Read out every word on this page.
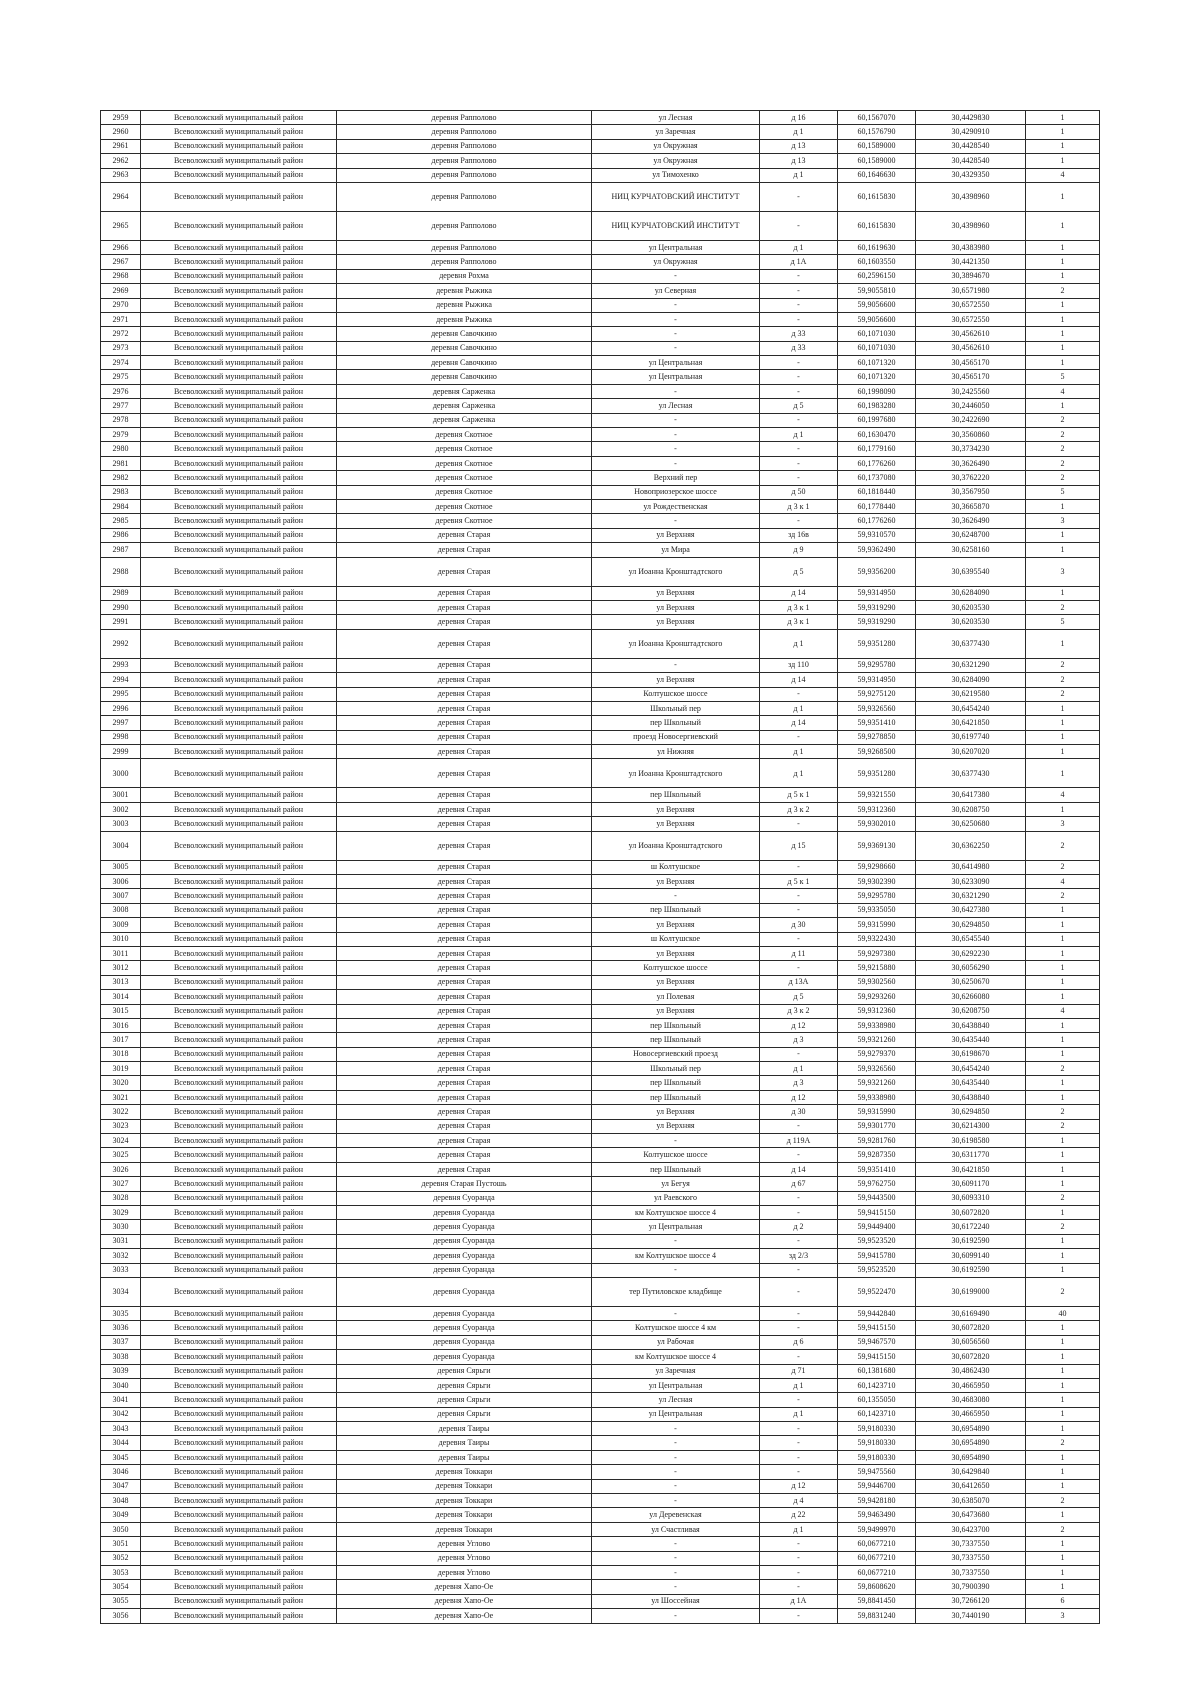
2959	Всеволожский муниципальный район	деревня Рапполово	ул Лесная	д 16	60,1567070	30,4429830	1
2960	Всеволожский муниципальный район	деревня Рапполово	ул Заречная	д 1	60,1576790	30,4290910	1
2961	Всеволожский муниципальный район	деревня Рапполово	ул Окружная	д 13	60,1589000	30,4428540	1
2962	Всеволожский муниципальный район	деревня Рапполово	ул Окружная	д 13	60,1589000	30,4428540	1
2963	Всеволожский муниципальный район	деревня Рапполово	ул Тимохенко	д 1	60,1646630	30,4329350	4
2964	Всеволожский муниципальный район	деревня Рапполово	НИЦ КУРЧАТОВСКИЙ ИНСТИТУТ	-	60,1615830	30,4398960	1
2965	Всеволожский муниципальный район	деревня Рапполово	НИЦ КУРЧАТОВСКИЙ ИНСТИТУТ	-	60,1615830	30,4398960	1
2966	Всеволожский муниципальный район	деревня Рапполово	ул Центральная	д 1	60,1619630	30,4383980	1
2967	Всеволожский муниципальный район	деревня Рапполово	ул Окружная	д 1А	60,1603550	30,4421350	1
2968	Всеволожский муниципальный район	деревня Рохма	-	-	60,2596150	30,3894670	1
2969	Всеволожский муниципальный район	деревня Рыжика	ул Северная	-	59,9055810	30,6571980	2
2970	Всеволожский муниципальный район	деревня Рыжика	-	-	59,9056600	30,6572550	1
2971	Всеволожский муниципальный район	деревня Рыжика	-	-	59,9056600	30,6572550	1
2972	Всеволожский муниципальный район	деревня Савочкино	-	д 33	60,1071030	30,4562610	1
2973	Всеволожский муниципальный район	деревня Савочкино	-	д 33	60,1071030	30,4562610	1
2974	Всеволожский муниципальный район	деревня Савочкино	ул Центральная	-	60,1071320	30,4565170	1
2975	Всеволожский муниципальный район	деревня Савочкино	ул Центральная	-	60,1071320	30,4565170	5
2976	Всеволожский муниципальный район	деревня Сарженка	-	-	60,1998090	30,2425560	4
2977	Всеволожский муниципальный район	деревня Сарженка	ул Лесная	д 5	60,1983280	30,2446050	1
2978	Всеволожский муниципальный район	деревня Сарженка	-	-	60,1997680	30,2422690	2
2979	Всеволожский муниципальный район	деревня Скотное	-	д 1	60,1630470	30,3560860	2
2980	Всеволожский муниципальный район	деревня Скотное	-	-	60,1779160	30,3734230	2
2981	Всеволожский муниципальный район	деревня Скотное	-	-	60,1776260	30,3626490	2
2982	Всеволожский муниципальный район	деревня Скотное	Верхний пер	-	60,1737080	30,3762220	2
2983	Всеволожский муниципальный район	деревня Скотное	Новоприозерское шоссе	д 50	60,1818440	30,3567950	5
2984	Всеволожский муниципальный район	деревня Скотное	ул Рождественская	д 3 к 1	60,1778440	30,3665870	1
2985	Всеволожский муниципальный район	деревня Скотное	-	-	60,1776260	30,3626490	3
2986	Всеволожский муниципальный район	деревня Старая	ул Верхняя	зд 16в	59,9310570	30,6248700	1
2987	Всеволожский муниципальный район	деревня Старая	ул Мира	д 9	59,9362490	30,6258160	1
2988	Всеволожский муниципальный район	деревня Старая	ул Иоанна Кронштадтского	д 5	59,9356200	30,6395540	3
2989	Всеволожский муниципальный район	деревня Старая	ул Верхняя	д 14	59,9314950	30,6284090	1
2990	Всеволожский муниципальный район	деревня Старая	ул Верхняя	д 3 к 1	59,9319290	30,6203530	2
2991	Всеволожский муниципальный район	деревня Старая	ул Верхняя	д 3 к 1	59,9319290	30,6203530	5
2992	Всеволожский муниципальный район	деревня Старая	ул Иоанна Кронштадтского	д 1	59,9351280	30,6377430	1
2993	Всеволожский муниципальный район	деревня Старая	-	зд 110	59,9295780	30,6321290	2
2994	Всеволожский муниципальный район	деревня Старая	ул Верхняя	д 14	59,9314950	30,6284090	2
2995	Всеволожский муниципальный район	деревня Старая	Колтушское шоссе	-	59,9275120	30,6219580	2
2996	Всеволожский муниципальный район	деревня Старая	Школьный пер	д 1	59,9326560	30,6454240	1
2997	Всеволожский муниципальный район	деревня Старая	пер Школьный	д 14	59,9351410	30,6421850	1
2998	Всеволожский муниципальный район	деревня Старая	проезд Новосергиевский	-	59,9278850	30,6197740	1
2999	Всеволожский муниципальный район	деревня Старая	ул Нижняя	д 1	59,9268500	30,6207020	1
3000	Всеволожский муниципальный район	деревня Старая	ул Иоанна Кронштадтского	д 1	59,9351280	30,6377430	1
3001	Всеволожский муниципальный район	деревня Старая	пер Школьный	д 5 к 1	59,9321550	30,6417380	4
3002	Всеволожский муниципальный район	деревня Старая	ул Верхняя	д 3 к 2	59,9312360	30,6208750	1
3003	Всеволожский муниципальный район	деревня Старая	ул Верхняя	-	59,9302010	30,6250680	3
3004	Всеволожский муниципальный район	деревня Старая	ул Иоанна Кронштадтского	д 15	59,9369130	30,6362250	2
3005	Всеволожский муниципальный район	деревня Старая	ш Колтушское	-	59,9298660	30,6414980	2
3006	Всеволожский муниципальный район	деревня Старая	ул Верхняя	д 5 к 1	59,9302390	30,6233090	4
3007	Всеволожский муниципальный район	деревня Старая	-	-	59,9295780	30,6321290	2
3008	Всеволожский муниципальный район	деревня Старая	пер Школьный	-	59,9335050	30,6427380	1
3009	Всеволожский муниципальный район	деревня Старая	ул Верхняя	д 30	59,9315990	30,6294850	1
3010	Всеволожский муниципальный район	деревня Старая	ш Колтушское	-	59,9322430	30,6545540	1
3011	Всеволожский муниципальный район	деревня Старая	ул Верхняя	д 11	59,9297380	30,6292230	1
3012	Всеволожский муниципальный район	деревня Старая	Колтушское шоссе	-	59,9215880	30,6056290	1
3013	Всеволожский муниципальный район	деревня Старая	ул Верхняя	д 13А	59,9302560	30,6250670	1
3014	Всеволожский муниципальный район	деревня Старая	ул Полевая	д 5	59,9293260	30,6266080	1
3015	Всеволожский муниципальный район	деревня Старая	ул Верхняя	д 3 к 2	59,9312360	30,6208750	4
3016	Всеволожский муниципальный район	деревня Старая	пер Школьный	д 12	59,9338980	30,6438840	1
3017	Всеволожский муниципальный район	деревня Старая	пер Школьный	д 3	59,9321260	30,6435440	1
3018	Всеволожский муниципальный район	деревня Старая	Новосергиевский проезд	-	59,9279370	30,6198670	1
3019	Всеволожский муниципальный район	деревня Старая	Школьный пер	д 1	59,9326560	30,6454240	2
3020	Всеволожский муниципальный район	деревня Старая	пер Школьный	д 3	59,9321260	30,6435440	1
3021	Всеволожский муниципальный район	деревня Старая	пер Школьный	д 12	59,9338980	30,6438840	1
3022	Всеволожский муниципальный район	деревня Старая	ул Верхняя	д 30	59,9315990	30,6294850	2
3023	Всеволожский муниципальный район	деревня Старая	ул Верхняя	-	59,9301770	30,6214300	2
3024	Всеволожский муниципальный район	деревня Старая	-	д 119А	59,9281760	30,6198580	1
3025	Всеволожский муниципальный район	деревня Старая	Колтушское шоссе	-	59,9287350	30,6311770	1
3026	Всеволожский муниципальный район	деревня Старая	пер Школьный	д 14	59,9351410	30,6421850	1
3027	Всеволожский муниципальный район	деревня Старая Пустошь	ул Бегуя	д 67	59,9762750	30,6091170	1
3028	Всеволожский муниципальный район	деревня Суоранда	ул Раевского	-	59,9443500	30,6093310	2
3029	Всеволожский муниципальный район	деревня Суоранда	км Колтушское шоссе 4	-	59,9415150	30,6072820	1
3030	Всеволожский муниципальный район	деревня Суоранда	ул Центральная	д 2	59,9449400	30,6172240	2
3031	Всеволожский муниципальный район	деревня Суоранда	-	-	59,9523520	30,6192590	1
3032	Всеволожский муниципальный район	деревня Суоранда	км Колтушское шоссе 4	зд 2/3	59,9415780	30,6099140	1
3033	Всеволожский муниципальный район	деревня Суоранда	-	-	59,9523520	30,6192590	1
3034	Всеволожский муниципальный район	деревня Суоранда	тер Путиловское кладбище	-	59,9522470	30,6199000	2
3035	Всеволожский муниципальный район	деревня Суоранда	-	-	59,9442840	30,6169490	40
3036	Всеволожский муниципальный район	деревня Суоранда	Колтушское шоссе 4 км	-	59,9415150	30,6072820	1
3037	Всеволожский муниципальный район	деревня Суоранда	ул Рабочая	д 6	59,9467570	30,6056560	1
3038	Всеволожский муниципальный район	деревня Суоранда	км Колтушское шоссе 4	-	59,9415150	30,6072820	1
3039	Всеволожский муниципальный район	деревня Сярьги	ул Заречная	д 71	60,1381680	30,4862430	1
3040	Всеволожский муниципальный район	деревня Сярьги	ул Центральная	д 1	60,1423710	30,4665950	1
3041	Всеволожский муниципальный район	деревня Сярьги	ул Лесная	-	60,1355050	30,4683080	1
3042	Всеволожский муниципальный район	деревня Сярьги	ул Центральная	д 1	60,1423710	30,4665950	1
3043	Всеволожский муниципальный район	деревня Таиры	-	-	59,9180330	30,6954890	1
3044	Всеволожский муниципальный район	деревня Таиры	-	-	59,9180330	30,6954890	2
3045	Всеволожский муниципальный район	деревня Таиры	-	-	59,9180330	30,6954890	1
3046	Всеволожский муниципальный район	деревня Токкари	-	-	59,9475560	30,6429840	1
3047	Всеволожский муниципальный район	деревня Токкари	-	д 12	59,9446700	30,6412650	1
3048	Всеволожский муниципальный район	деревня Токкари	-	д 4	59,9428180	30,6385070	2
3049	Всеволожский муниципальный район	деревня Токкари	ул Деревенская	д 22	59,9463490	30,6473680	1
3050	Всеволожский муниципальный район	деревня Токкари	ул Счастливая	д 1	59,9499970	30,6423700	2
3051	Всеволожский муниципальный район	деревня Углово	-	-	60,0677210	30,7337550	1
3052	Всеволожский муниципальный район	деревня Углово	-	-	60,0677210	30,7337550	1
3053	Всеволожский муниципальный район	деревня Углово	-	-	60,0677210	30,7337550	1
3054	Всеволожский муниципальный район	деревня Хапо-Ое	-	-	59,8608620	30,7900390	1
3055	Всеволожский муниципальный район	деревня Хапо-Ое	ул Шоссейная	д 1А	59,8841450	30,7266120	6
3056	Всеволожский муниципальный район	деревня Хапо-Ое	-	-	59,8831240	30,7440190	3
